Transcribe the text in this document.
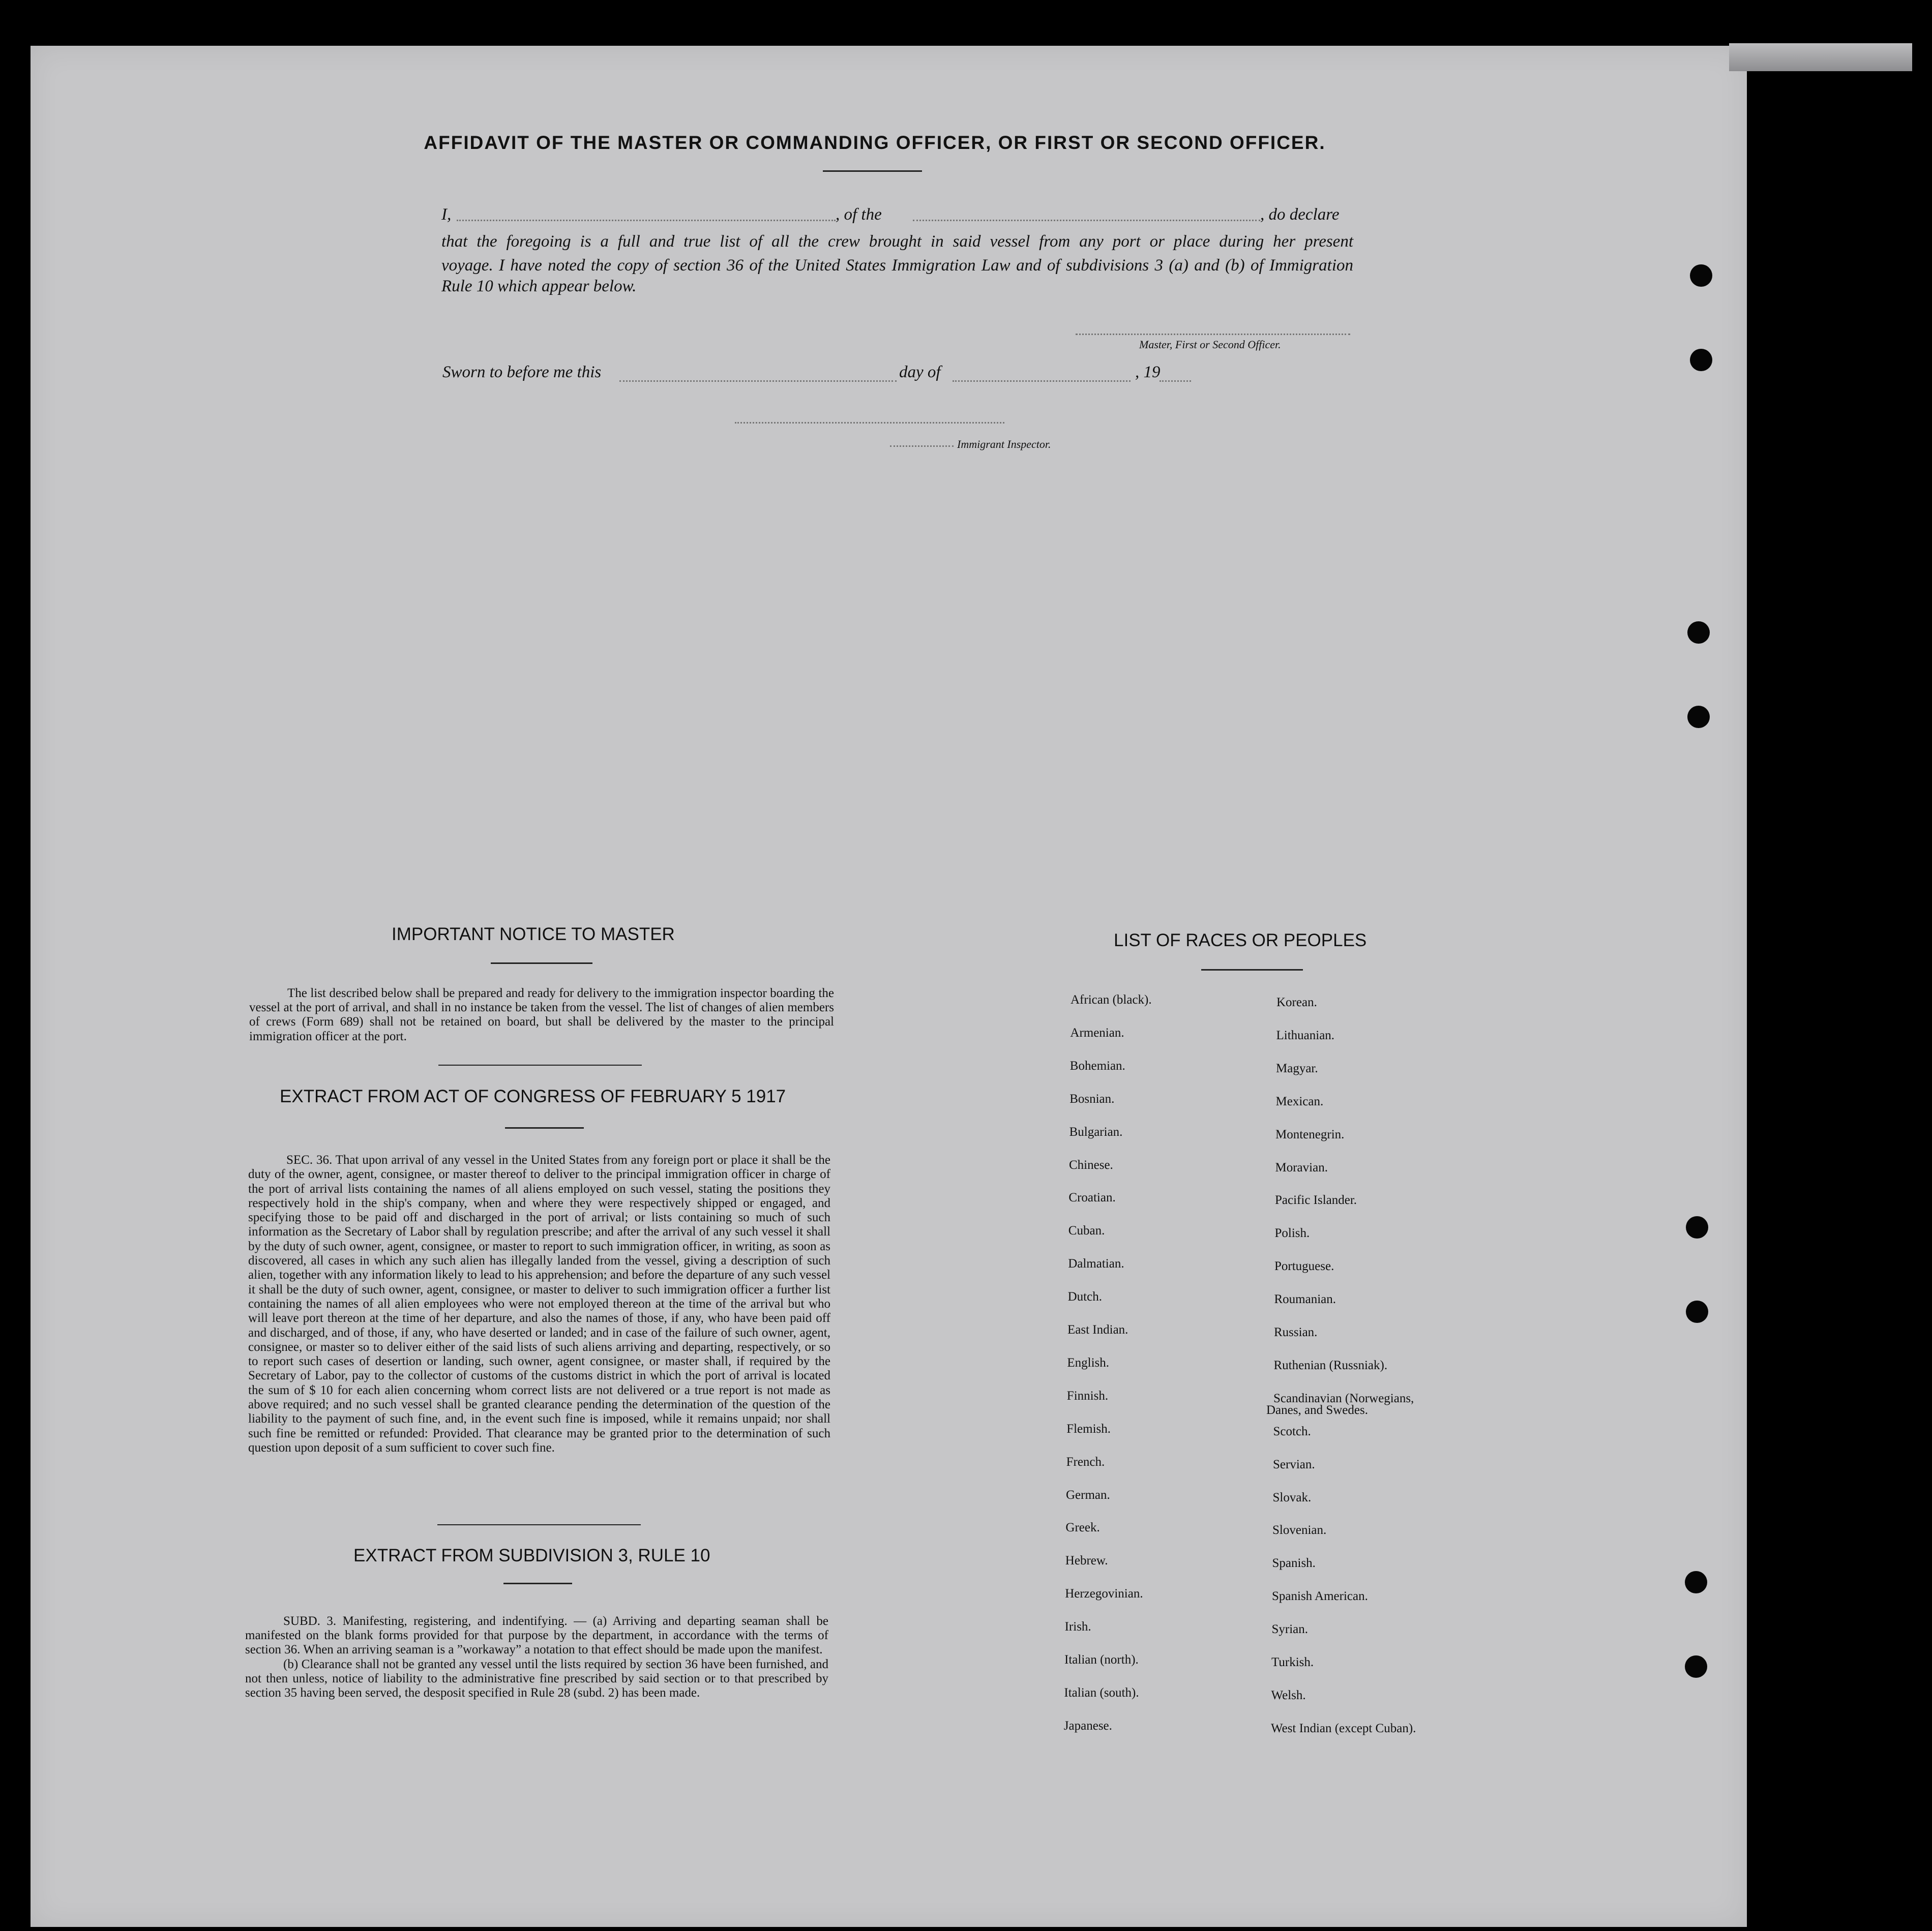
AFFIDAVIT OF THE MASTER OR COMMANDING OFFICER, OR FIRST OR SECOND OFFICER.
I,	, of the	, do declare
that the foregoing is a full and true list of all the crew brought in said vessel from any port or place during her present
voyage. I have noted the copy of section 36 of the United States Immigration Law and of subdivisions 3 (a) and (b) of Immigration
Rule 10 which appear below.
Master, First or Second Officer.
Sworn to before me this	day of	, 19
Immigrant Inspector.
IMPORTANT NOTICE TO MASTER
The list described below shall be prepared and ready for delivery to the immigration inspector boarding the vessel at the port of arrival, and shall in no instance be taken from the vessel. The list of changes of alien members of crews (Form 689) shall not be retained on board, but shall be delivered by the master to the principal immigration officer at the port.
EXTRACT FROM ACT OF CONGRESS OF FEBRUARY 5 1917
SEC. 36. That upon arrival of any vessel in the United States from any foreign port or place it shall be the duty of the owner, agent, consignee, or master thereof to deliver to the principal immigration officer in charge of the port of arrival lists containing the names of all aliens employed on such vessel, stating the positions they respectively hold in the ship's company, when and where they were respectively shipped or engaged, and specifying those to be paid off and discharged in the port of arrival; or lists containing so much of such information as the Secretary of Labor shall by regulation prescribe; and after the arrival of any such vessel it shall by the duty of such owner, agent, consignee, or master to report to such immigration officer, in writing, as soon as discovered, all cases in which any such alien has illegally landed from the vessel, giving a description of such alien, together with any information likely to lead to his apprehension; and before the departure of any such vessel it shall be the duty of such owner, agent, consignee, or master to deliver to such immigration officer a further list containing the names of all alien employees who were not employed thereon at the time of the arrival but who will leave port thereon at the time of her departure, and also the names of those, if any, who have been paid off and discharged, and of those, if any, who have deserted or landed; and in case of the failure of such owner, agent, consignee, or master so to deliver either of the said lists of such aliens arriving and departing, respectively, or so to report such cases of desertion or landing, such owner, agent consignee, or master shall, if required by the Secretary of Labor, pay to the collector of customs of the customs district in which the port of arrival is located the sum of $ 10 for each alien concerning whom correct lists are not delivered or a true report is not made as above required; and no such vessel shall be granted clearance pending the determination of the question of the liability to the payment of such fine, and, in the event such fine is imposed, while it remains unpaid; nor shall such fine be remitted or refunded: Provided. That clearance may be granted prior to the determination of such question upon deposit of a sum sufficient to cover such fine.
EXTRACT FROM SUBDIVISION 3, RULE 10

SUBD. 3. Manifesting, registering, and indentifying. — (a) Arriving and departing seaman shall be manifested on the blank forms provided for that purpose by the department, in accordance with the terms of section 36. When an arriving seaman is a ”workaway” a notation to that effect should be made upon the manifest.

(b) Clearance shall not be granted any vessel until the lists required by section 36 have been furnished, and not then unless, notice of liability to the administrative fine prescribed by said section or to that prescribed by section 35 having been served, the desposit specified in Rule 28 (subd. 2) has been made.

LIST OF RACES OR PEOPLES
African (black).
Armenian.
Bohemian.
Bosnian.
Bulgarian.
Chinese.
Croatian.
Cuban.
Dalmatian.
Dutch.
East Indian.
English.
Finnish.
Flemish.
French.
German.
Greek.
Hebrew.
Herzegovinian.
Irish.
Italian (north).
Italian (south).
Japanese.
Korean.
Lithuanian.
Magyar.
Mexican.
Montenegrin.
Moravian.
Pacific Islander.
Polish.
Portuguese.
Roumanian.
Russian.
Ruthenian (Russniak).
Scandinavian (Norwegians,
Scotch.
Servian.
Slovak.
Slovenian.
Spanish.
Spanish American.
Syrian.
Turkish.
Welsh.
West Indian (except Cuban).
Danes, and Swedes.
